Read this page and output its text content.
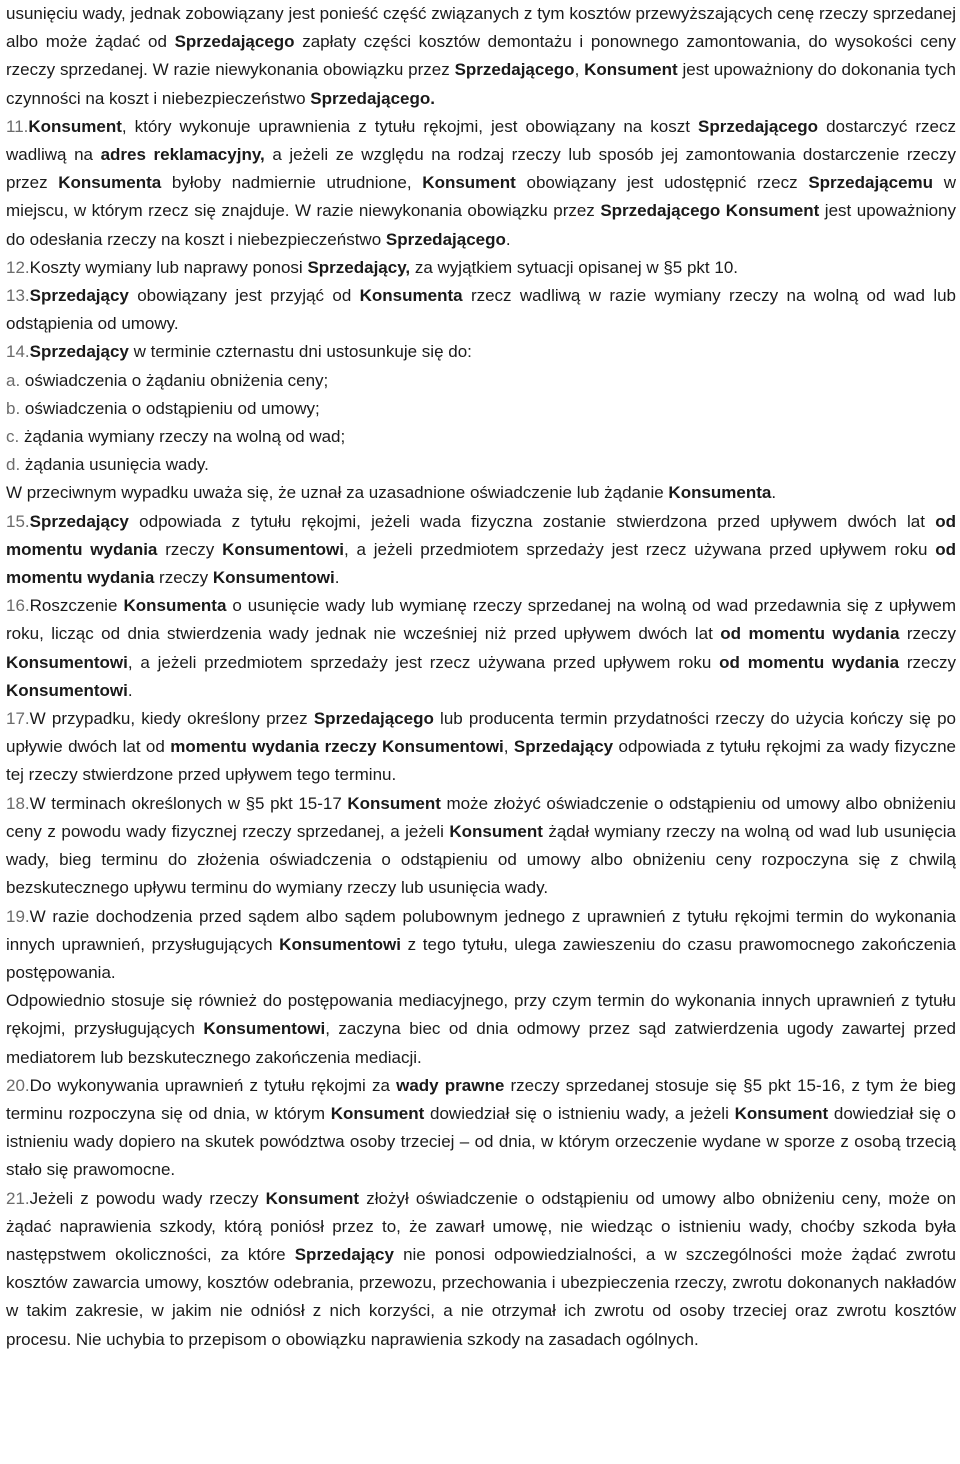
usunięciu wady, jednak zobowiązany jest ponieść część związanych z tym kosztów przewyższających cenę rzeczy sprzedanej albo może żądać od Sprzedającego zapłaty części kosztów demontażu i ponownego zamontowania, do wysokości ceny rzeczy sprzedanej. W razie niewykonania obowiązku przez Sprzedającego, Konsument jest upoważniony do dokonania tych czynności na koszt i niebezpieczeństwo Sprzedającego.

11.Konsument, który wykonuje uprawnienia z tytułu rękojmi, jest obowiązany na koszt Sprzedającego dostarczyć rzecz wadliwą na adres reklamacyjny, a jeżeli ze względu na rodzaj rzeczy lub sposób jej zamontowania dostarczenie rzeczy przez Konsumenta byłoby nadmiernie utrudnione, Konsument obowiązany jest udostępnić rzecz Sprzedającemu w miejscu, w którym rzecz się znajduje. W razie niewykonania obowiązku przez Sprzedającego Konsument jest upoważniony do odesłania rzeczy na koszt i niebezpieczeństwo Sprzedającego.

12.Koszty wymiany lub naprawy ponosi Sprzedający, za wyjątkiem sytuacji opisanej w §5 pkt 10.

13.Sprzedający obowiązany jest przyjąć od Konsumenta rzecz wadliwą w razie wymiany rzeczy na wolną od wad lub odstąpienia od umowy.

14.Sprzedający w terminie czternastu dni ustosunkuje się do:

a. oświadczenia o żądaniu obniżenia ceny;

b. oświadczenia o odstąpieniu od umowy;

c. żądania wymiany rzeczy na wolną od wad;

d. żądania usunięcia wady.

W przeciwnym wypadku uważa się, że uznał za uzasadnione oświadczenie lub żądanie Konsumenta.

15.Sprzedający odpowiada z tytułu rękojmi, jeżeli wada fizyczna zostanie stwierdzona przed upływem dwóch lat od momentu wydania rzeczy Konsumentowi, a jeżeli przedmiotem sprzedaży jest rzecz używana przed upływem roku od momentu wydania rzeczy Konsumentowi.

16.Roszczenie Konsumenta o usunięcie wady lub wymianę rzeczy sprzedanej na wolną od wad przedawnia się z upływem roku, licząc od dnia stwierdzenia wady jednak nie wcześniej niż przed upływem dwóch lat od momentu wydania rzeczy Konsumentowi, a jeżeli przedmiotem sprzedaży jest rzecz używana przed upływem roku od momentu wydania rzeczy Konsumentowi.

17.W przypadku, kiedy określony przez Sprzedającego lub producenta termin przydatności rzeczy do użycia kończy się po upływie dwóch lat od momentu wydania rzeczy Konsumentowi, Sprzedający odpowiada z tytułu rękojmi za wady fizyczne tej rzeczy stwierdzone przed upływem tego terminu.

18.W terminach określonych w §5 pkt 15-17 Konsument może złożyć oświadczenie o odstąpieniu od umowy albo obniżeniu ceny z powodu wady fizycznej rzeczy sprzedanej, a jeżeli Konsument żądał wymiany rzeczy na wolną od wad lub usunięcia wady, bieg terminu do złożenia oświadczenia o odstąpieniu od umowy albo obniżeniu ceny rozpoczyna się z chwilą bezskutecznego upływu terminu do wymiany rzeczy lub usunięcia wady.

19.W razie dochodzenia przed sądem albo sądem polubownym jednego z uprawnień z tytułu rękojmi termin do wykonania innych uprawnień, przysługujących Konsumentowi z tego tytułu, ulega zawieszeniu do czasu prawomocnego zakończenia postępowania.

Odpowiednio stosuje się również do postępowania mediacyjnego, przy czym termin do wykonania innych uprawnień z tytułu rękojmi, przysługujących Konsumentowi, zaczyna biec od dnia odmowy przez sąd zatwierdzenia ugody zawartej przed mediatorem lub bezskutecznego zakończenia mediacji.

20.Do wykonywania uprawnień z tytułu rękojmi za wady prawne rzeczy sprzedanej stosuje się §5 pkt 15-16, z tym że bieg terminu rozpoczyna się od dnia, w którym Konsument dowiedział się o istnieniu wady, a jeżeli Konsument dowiedział się o istnieniu wady dopiero na skutek powództwa osoby trzeciej – od dnia, w którym orzeczenie wydane w sporze z osobą trzecią stało się prawomocne.

21.Jeżeli z powodu wady rzeczy Konsument złożył oświadczenie o odstąpieniu od umowy albo obniżeniu ceny, może on żądać naprawienia szkody, którą poniósł przez to, że zawarł umowę, nie wiedząc o istnieniu wady, choćby szkoda była następstwem okoliczności, za które Sprzedający nie ponosi odpowiedzialności, a w szczególności może żądać zwrotu kosztów zawarcia umowy, kosztów odebrania, przewozu, przechowania i ubezpieczenia rzeczy, zwrotu dokonanych nakładów w takim zakresie, w jakim nie odniósł z nich korzyści, a nie otrzymał ich zwrotu od osoby trzeciej oraz zwrotu kosztów procesu. Nie uchybia to przepisom o obowiązku naprawienia szkody na zasadach ogólnych.
